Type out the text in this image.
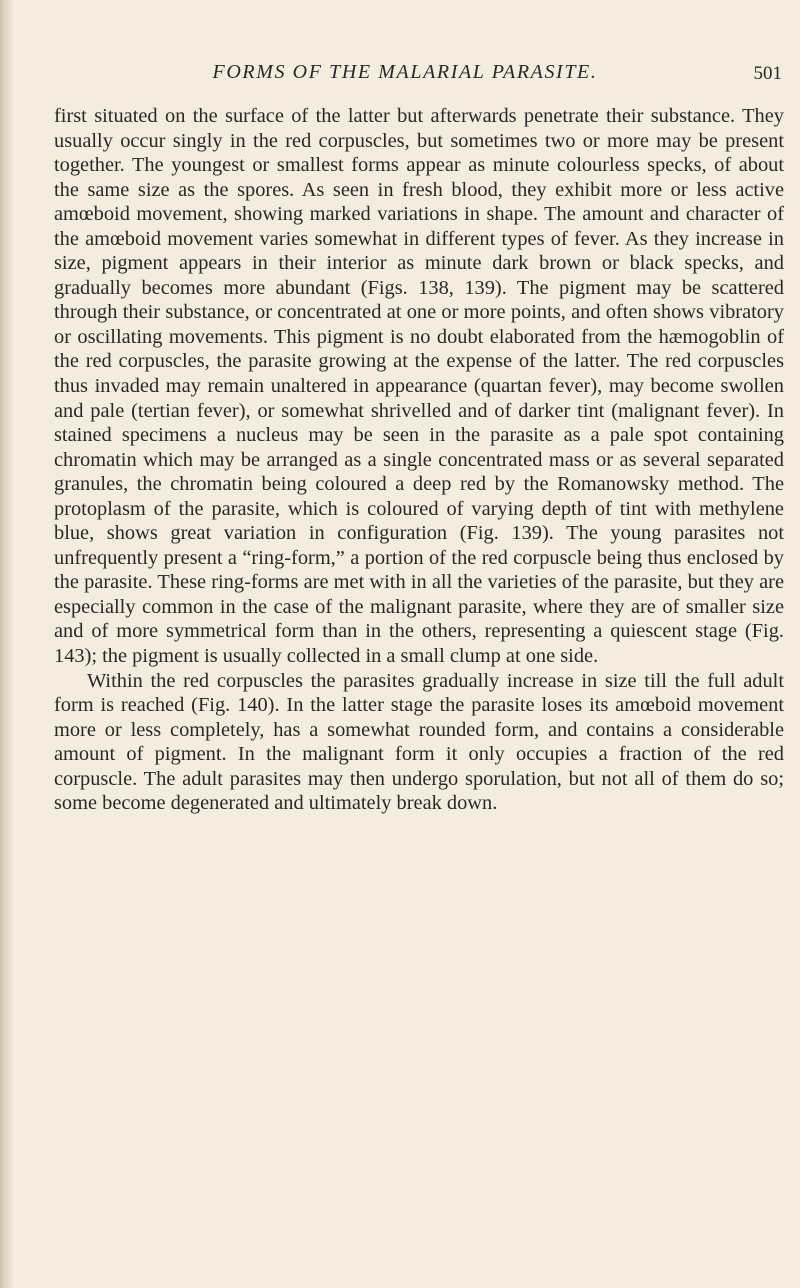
FORMS OF THE MALARIAL PARASITE.	501

first situated on the surface of the latter but afterwards penetrate their substance. They usually occur singly in the red corpuscles, but sometimes two or more may be present together. The youngest or smallest forms appear as minute colourless specks, of about the same size as the spores. As seen in fresh blood, they exhibit more or less active amœboid movement, showing marked variations in shape. The amount and character of the amœboid movement varies somewhat in different types of fever. As they increase in size, pigment appears in their interior as minute dark brown or black specks, and gradually becomes more abundant (Figs. 138, 139). The pigment may be scattered through their substance, or concentrated at one or more points, and often shows vibratory or oscillating movements. This pigment is no doubt elaborated from the hæmogoblin of the red corpuscles, the parasite growing at the expense of the latter. The red corpuscles thus invaded may remain unaltered in appearance (quartan fever), may become swollen and pale (tertian fever), or somewhat shrivelled and of darker tint (malignant fever). In stained specimens a nucleus may be seen in the parasite as a pale spot containing chromatin which may be arranged as a single concentrated mass or as several separated granules, the chromatin being coloured a deep red by the Romanowsky method. The protoplasm of the parasite, which is coloured of varying depth of tint with methylene blue, shows great variation in configuration (Fig. 139). The young parasites not unfrequently present a “ring-form,” a portion of the red corpuscle being thus enclosed by the parasite. These ring-forms are met with in all the varieties of the parasite, but they are especially common in the case of the malignant parasite, where they are of smaller size and of more symmetrical form than in the others, representing a quiescent stage (Fig. 143); the pigment is usually collected in a small clump at one side.

Within the red corpuscles the parasites gradually increase in size till the full adult form is reached (Fig. 140). In the latter stage the parasite loses its amœboid movement more or less completely, has a somewhat rounded form, and contains a considerable amount of pigment. In the malignant form it only occupies a fraction of the red corpuscle. The adult parasites may then undergo sporulation, but not all of them do so; some become degenerated and ultimately break down.
